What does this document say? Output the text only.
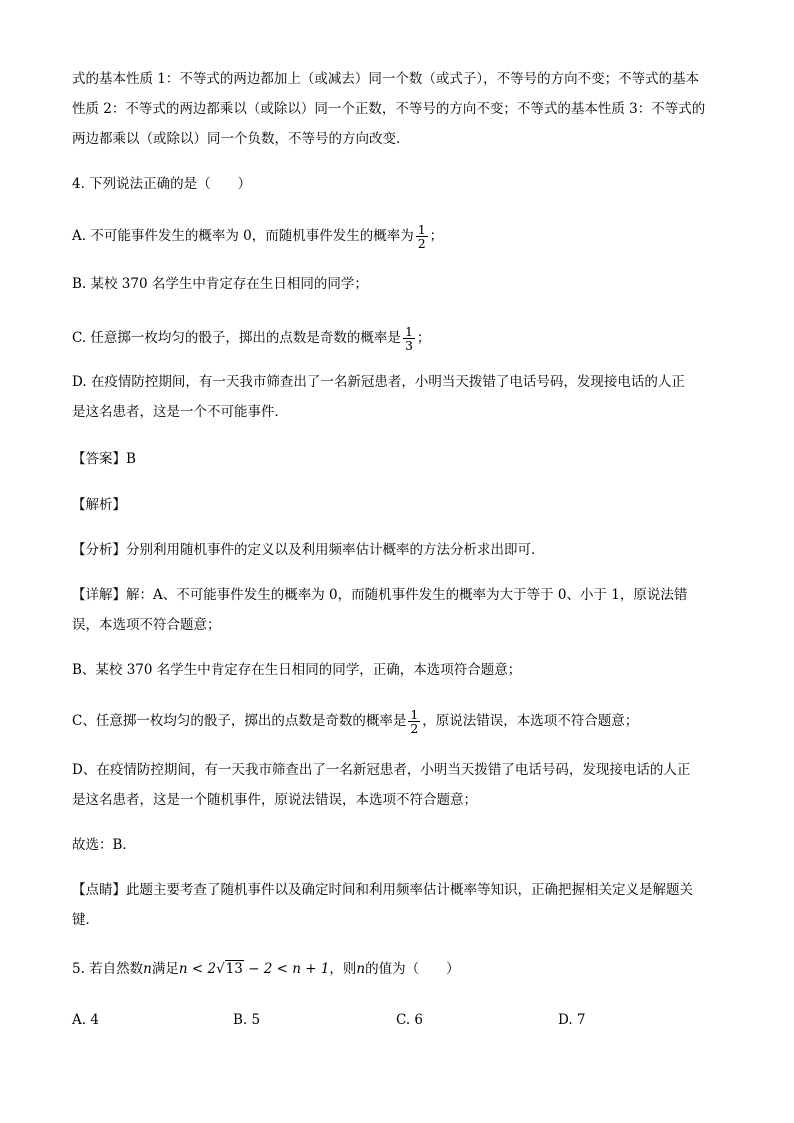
式的基本性质 1：不等式的两边都加上（或减去）同一个数（或式子），不等号的方向不变；不等式的基本
性质 2：不等式的两边都乘以（或除以）同一个正数，不等号的方向不变；不等式的基本性质 3：不等式的
两边都乘以（或除以）同一个负数，不等号的方向改变．
4. 下列说法正确的是（　　）
A. 不可能事件发生的概率为 0，而随机事件发生的概率为 $\frac{1}{2}$ ；
B. 某校 370 名学生中肯定存在生日相同的同学；
C. 任意掷一枚均匀的骰子，掷出的点数是奇数的概率是 $\frac{1}{3}$ ；
D. 在疫情防控期间，有一天我市筛查出了一名新冠患者，小明当天拨错了电话号码，发现接电话的人正
是这名患者，这是一个不可能事件．
【答案】B
【解析】
【分析】分别利用随机事件的定义以及利用频率估计概率的方法分析求出即可．
【详解】解：A、不可能事件发生的概率为 0，而随机事件发生的概率为大于等于 0、小于 1，原说法错
误，本选项不符合题意；
B、某校 370 名学生中肯定存在生日相同的同学，正确，本选项符合题意；
C、任意掷一枚均匀的骰子，掷出的点数是奇数的概率是 $\frac{1}{2}$ ，原说法错误，本选项不符合题意；
D、在疫情防控期间，有一天我市筛查出了一名新冠患者，小明当天拨错了电话号码，发现接电话的人正
是这名患者，这是一个随机事件，原说法错误，本选项不符合题意；
故选：B．
【点睛】此题主要考查了随机事件以及确定时间和利用频率估计概率等知识，正确把握相关定义是解题关
键．
5. 若自然数n满足n < 2√13 − 2 < n + 1，则n的值为（　　）
A. 4	B. 5	C. 6	D. 7
